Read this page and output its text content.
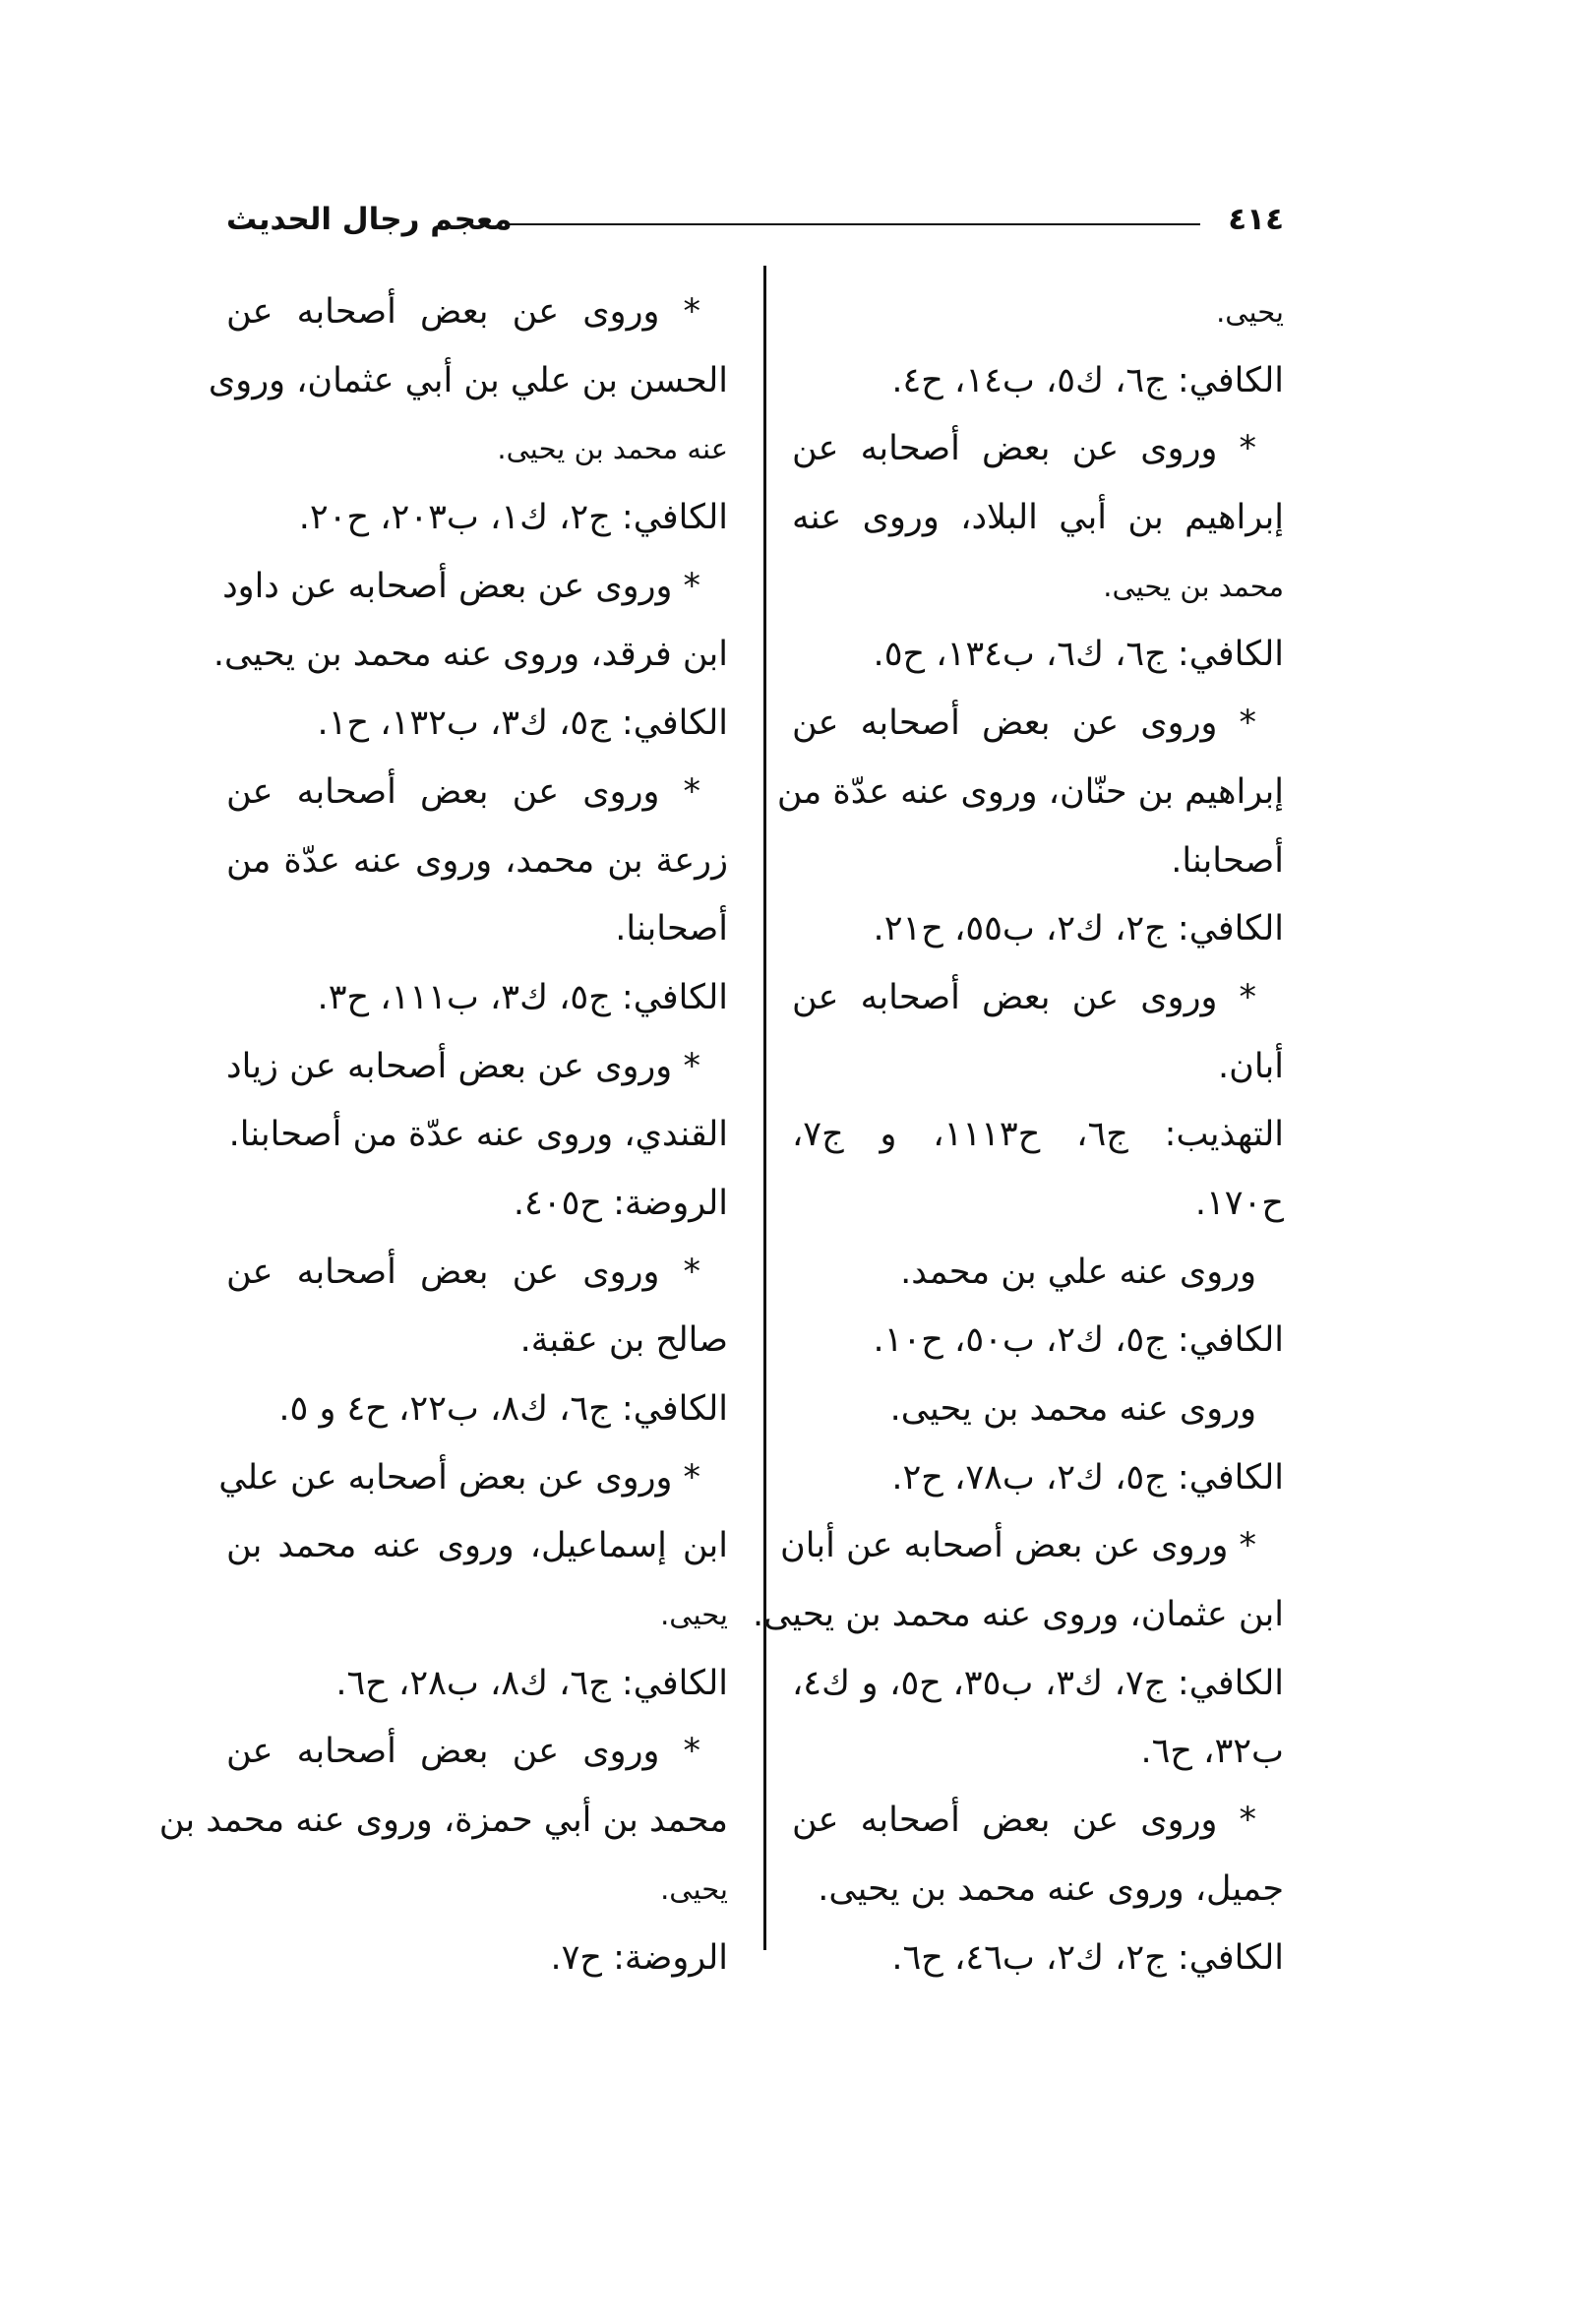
معجم رجال الحديث	٤١٤
يحيى.
الكافي: ج٦، ك٥، ب١٤، ح٤.
* وروى عن بعض أصحابه عن
إبراهيم بن أبي البلاد، وروى عنه
محمد بن يحيى.
الكافي: ج٦، ك٦، ب١٣٤، ح٥.
* وروى عن بعض أصحابه عن
إبراهيم بن حنّان، وروى عنه عدّة من
أصحابنا.
الكافي: ج٢، ك٢، ب٥٥، ح٢١.
* وروى عن بعض أصحابه عن
أبان.
التهذيب: ج٦، ح١١١٣، و ج٧،
ح١٧٠.
وروى عنه علي بن محمد.
الكافي: ج٥، ك٢، ب٥٠، ح١٠.
وروى عنه محمد بن يحيى.
الكافي: ج٥، ك٢، ب٧٨، ح٢.
* وروى عن بعض أصحابه عن أبان
ابن عثمان، وروى عنه محمد بن يحيى.
الكافي: ج٧، ك٣، ب٣٥، ح٥، و ك٤،
ب٣٢، ح٦.
* وروى عن بعض أصحابه عن
جميل، وروى عنه محمد بن يحيى.
الكافي: ج٢، ك٢، ب٤٦، ح٦.
* وروى عن بعض أصحابه عن
الحسن بن علي بن أبي عثمان، وروى
عنه محمد بن يحيى.
الكافي: ج٢، ك١، ب٢٠٣، ح٢٠.
* وروى عن بعض أصحابه عن داود
ابن فرقد، وروى عنه محمد بن يحيى.
الكافي: ج٥، ك٣، ب١٣٢، ح١.
* وروى عن بعض أصحابه عن
زرعة بن محمد، وروى عنه عدّة من
أصحابنا.
الكافي: ج٥، ك٣، ب١١١، ح٣.
* وروى عن بعض أصحابه عن زياد
القندي، وروى عنه عدّة من أصحابنا.
الروضة: ح٤٠٥.
* وروى عن بعض أصحابه عن
صالح بن عقبة.
الكافي: ج٦، ك٨، ب٢٢، ح٤ و ٥.
* وروى عن بعض أصحابه عن علي
ابن إسماعيل، وروى عنه محمد بن
يحيى.
الكافي: ج٦، ك٨، ب٢٨، ح٦.
* وروى عن بعض أصحابه عن
محمد بن أبي حمزة، وروى عنه محمد بن
يحيى.
الروضة: ح٧.
